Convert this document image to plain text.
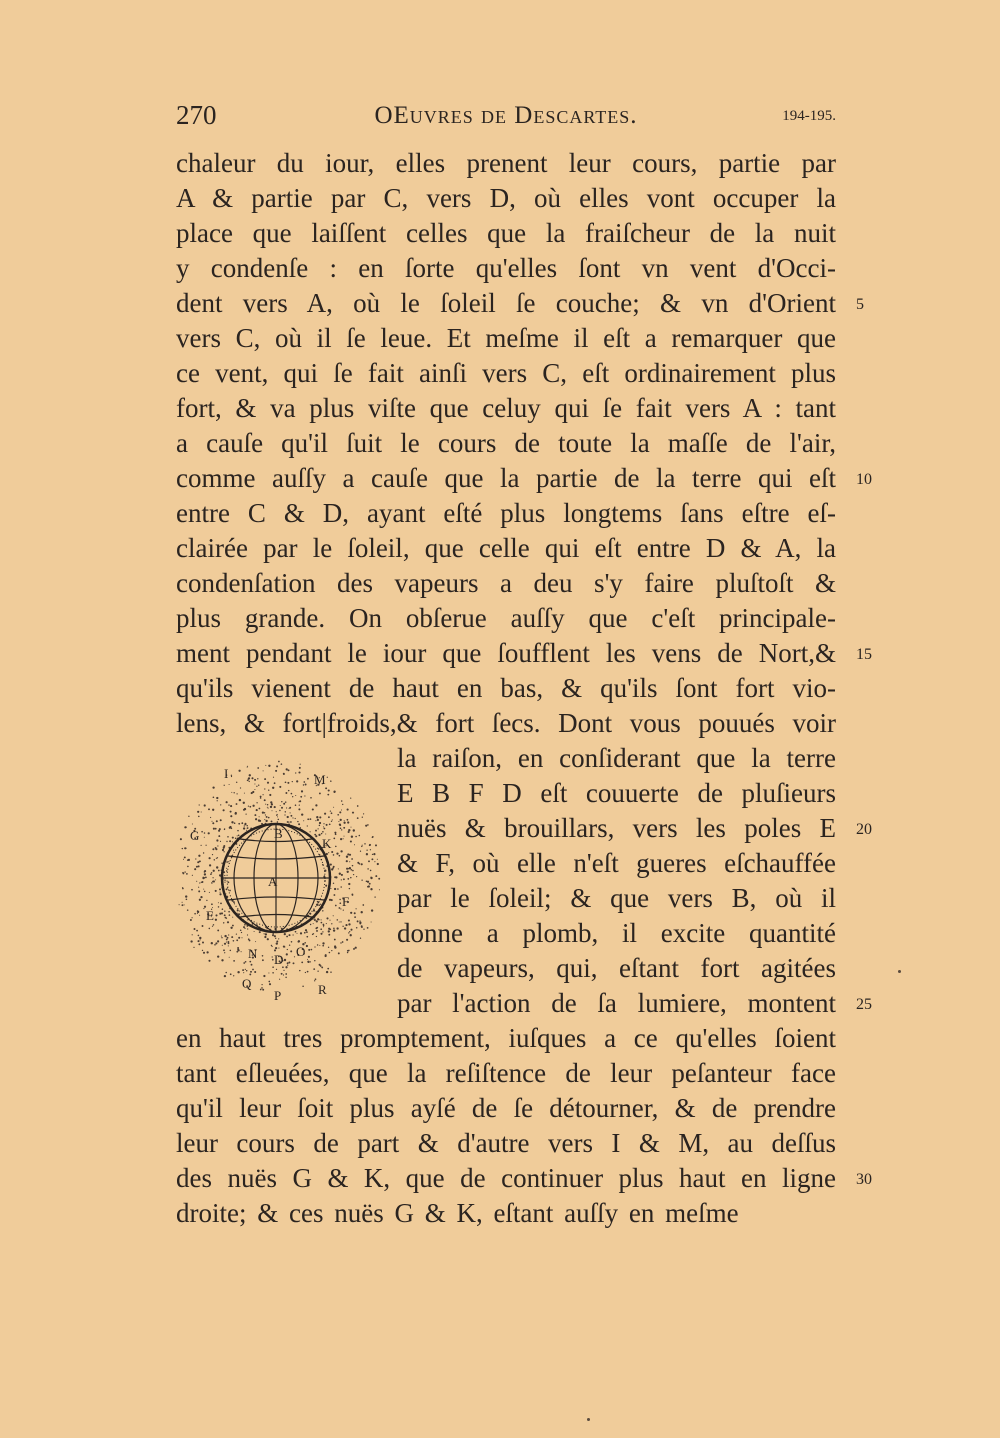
270	OEuvres de Descartes.	194-195.
chaleur du iour, elles prenent leur cours, partie par
A & partie par C, vers D, où elles vont occuper la
place que laiſſent celles que la fraiſcheur de la nuit
y condenſe : en ſorte qu'elles ſont vn vent d'Occi-
dent vers A, où le ſoleil ſe couche; & vn d'Orient
vers C, où il ſe leue. Et meſme il eſt a remarquer que
ce vent, qui ſe fait ainſi vers C, eſt ordinairement plus
fort, & va plus viſte que celuy qui ſe fait vers A : tant
a cauſe qu'il ſuit le cours de toute la maſſe de l'air,
comme auſſy a cauſe que la partie de la terre qui eſt
entre C & D, ayant eſté plus longtems ſans eſtre eſ-
clairée par le ſoleil, que celle qui eſt entre D & A, la
condenſation des vapeurs a deu s'y faire pluſtoſt &
plus grande. On obſerue auſſy que c'eſt principale-
ment pendant le iour que ſoufflent les vens de Nort,&
qu'ils vienent de haut en bas, & qu'ils ſont fort vio-
lens, & fort|froids,& fort ſecs. Dont vous pouués voir
la raiſon, en conſiderant que la terre
E B F D eſt couuerte de pluſieurs
nuës & brouillars, vers les poles E
& F, où elle n'eſt gueres eſchauffée
par le ſoleil; & que vers B, où il
donne a plomb, il excite quantité
de vapeurs, qui, eſtant fort agitées
par l'action de ſa lumiere, montent
en haut tres promptement, iuſques a ce qu'elles ſoient
tant eſleuées, que la reſiſtence de leur peſanteur face
qu'il leur ſoit plus ayſé de ſe détourner, & de prendre
leur cours de part & d'autre vers I & M, au deſſus
des nuës G & K, que de continuer plus haut en ligne
droite; & ces nuës G & K, eſtant auſſy en meſme
5
10
15
20
25
30
I	M
G	B
K
A
F
E
N D
O
Q
P	R
